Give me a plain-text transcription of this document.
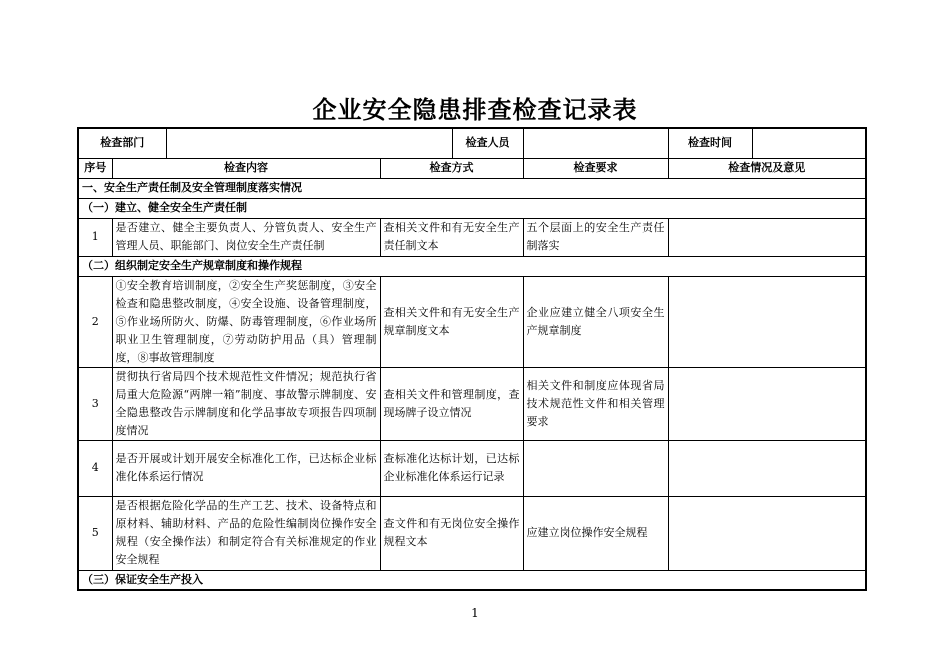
企业安全隐患排查检查记录表
检查部门				检查人员		检查时间	
序号	检查内容		检查方式		检查要求	检查情况及意见	
一、安全生产责任制及安全管理制度落实情况							
（一）建立、健全安全生产责任制							
1	是否建立、健全主要负责人、分管负责人、安全生产管理人员、职能部门、岗位安全生产责任制		查相关文件和有无安全生产责任制文本		五个层面上的安全生产责任制落实		
（二）组织制定安全生产规章制度和操作规程							
2	①安全教育培训制度，②安全生产奖惩制度，③安全检查和隐患整改制度，④安全设施、设备管理制度，⑤作业场所防火、防爆、防毒管理制度，⑥作业场所职业卫生管理制度，⑦劳动防护用品（具）管理制度，⑧事故管理制度		查相关文件和有无安全生产规章制度文本		企业应建立健全八项安全生产规章制度		
3	贯彻执行省局四个技术规范性文件情况；规范执行省局重大危险源“两牌一箱”制度、事故警示牌制度、安全隐患整改告示牌制度和化学品事故专项报告四项制度情况		查相关文件和管理制度，查现场牌子设立情况		相关文件和制度应体现省局技术规范性文件和相关管理要求		
4	是否开展或计划开展安全标准化工作，已达标企业标准化体系运行情况		查标准化达标计划，已达标企业标准化体系运行记录				
5	是否根据危险化学品的生产工艺、技术、设备特点和原材料、辅助材料、产品的危险性编制岗位操作安全规程（安全操作法）和制定符合有关标准规定的作业安全规程		查文件和有无岗位安全操作规程文本		应建立岗位操作安全规程		
（三）保证安全生产投入							
1
